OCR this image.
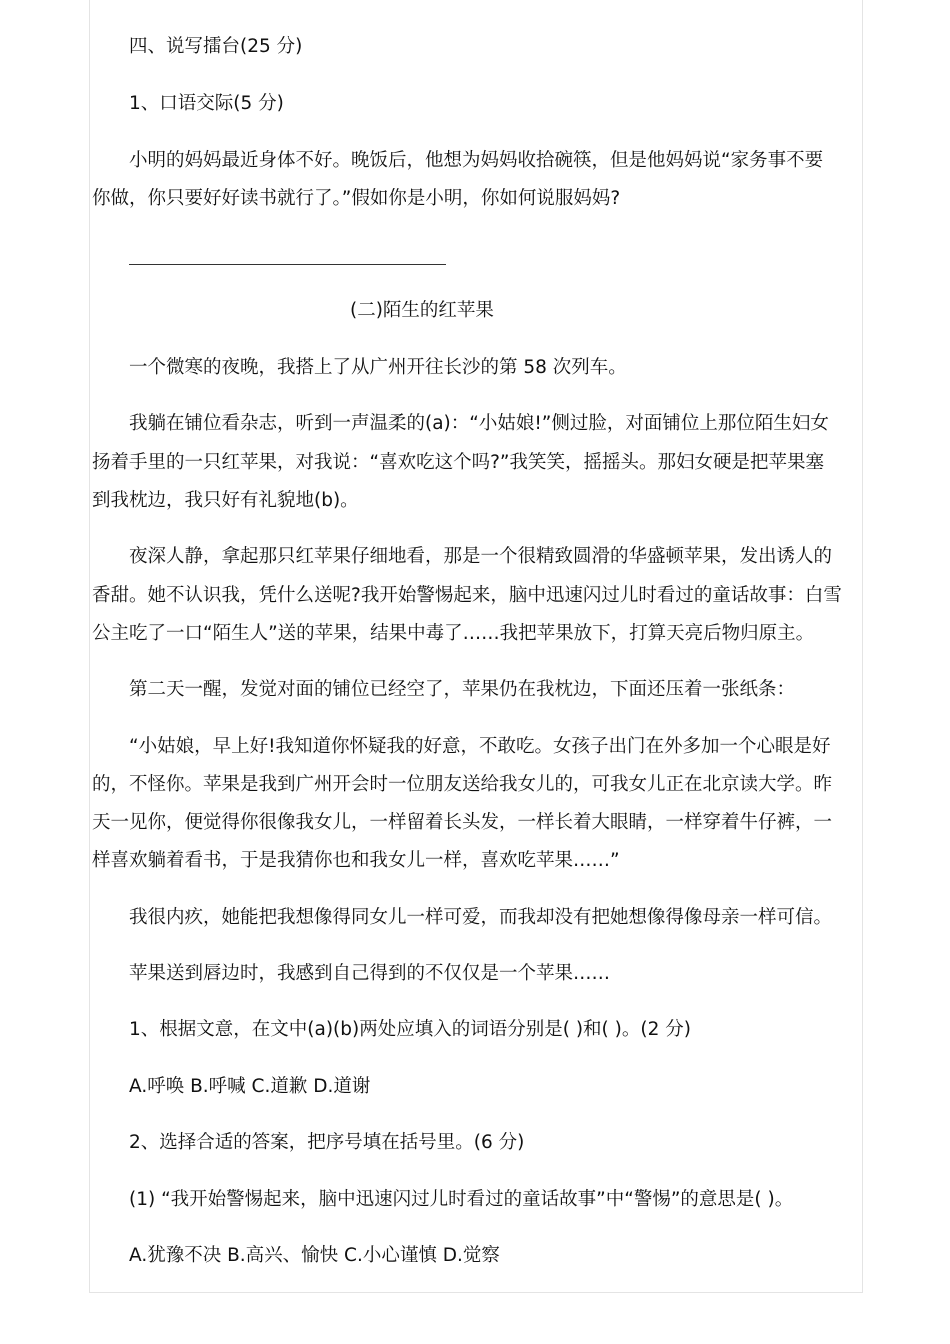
四、说写擂台(25 分)
1、口语交际(5 分)
小明的妈妈最近身体不好。晚饭后，他想为妈妈收拾碗筷，但是他妈妈说“家务事不要
你做，你只要好好读书就行了。”假如你是小明，你如何说服妈妈?
(二)陌生的红苹果
一个微寒的夜晚，我搭上了从广州开往长沙的第 58 次列车。
我躺在铺位看杂志，听到一声温柔的(a)：“小姑娘!”侧过脸，对面铺位上那位陌生妇女
扬着手里的一只红苹果，对我说：“喜欢吃这个吗?”我笑笑，摇摇头。那妇女硬是把苹果塞
到我枕边，我只好有礼貌地(b)。
夜深人静，拿起那只红苹果仔细地看，那是一个很精致圆滑的华盛顿苹果，发出诱人的
香甜。她不认识我，凭什么送呢?我开始警惕起来，脑中迅速闪过儿时看过的童话故事：白雪
公主吃了一口“陌生人”送的苹果，结果中毒了……我把苹果放下，打算天亮后物归原主。
第二天一醒，发觉对面的铺位已经空了，苹果仍在我枕边，下面还压着一张纸条：
“小姑娘，早上好!我知道你怀疑我的好意，不敢吃。女孩子出门在外多加一个心眼是好
的，不怪你。苹果是我到广州开会时一位朋友送给我女儿的，可我女儿正在北京读大学。昨
天一见你，便觉得你很像我女儿，一样留着长头发，一样长着大眼睛，一样穿着牛仔裤，一
样喜欢躺着看书，于是我猜你也和我女儿一样，喜欢吃苹果……”
我很内疚，她能把我想像得同女儿一样可爱，而我却没有把她想像得像母亲一样可信。
苹果送到唇边时，我感到自己得到的不仅仅是一个苹果……
1、根据文意，在文中(a)(b)两处应填入的词语分别是( )和( )。(2 分)
A.呼唤 B.呼喊 C.道歉 D.道谢
2、选择合适的答案，把序号填在括号里。(6 分)
(1) “我开始警惕起来，脑中迅速闪过儿时看过的童话故事”中“警惕”的意思是( )。
A.犹豫不决 B.高兴、愉快 C.小心谨慎 D.觉察
